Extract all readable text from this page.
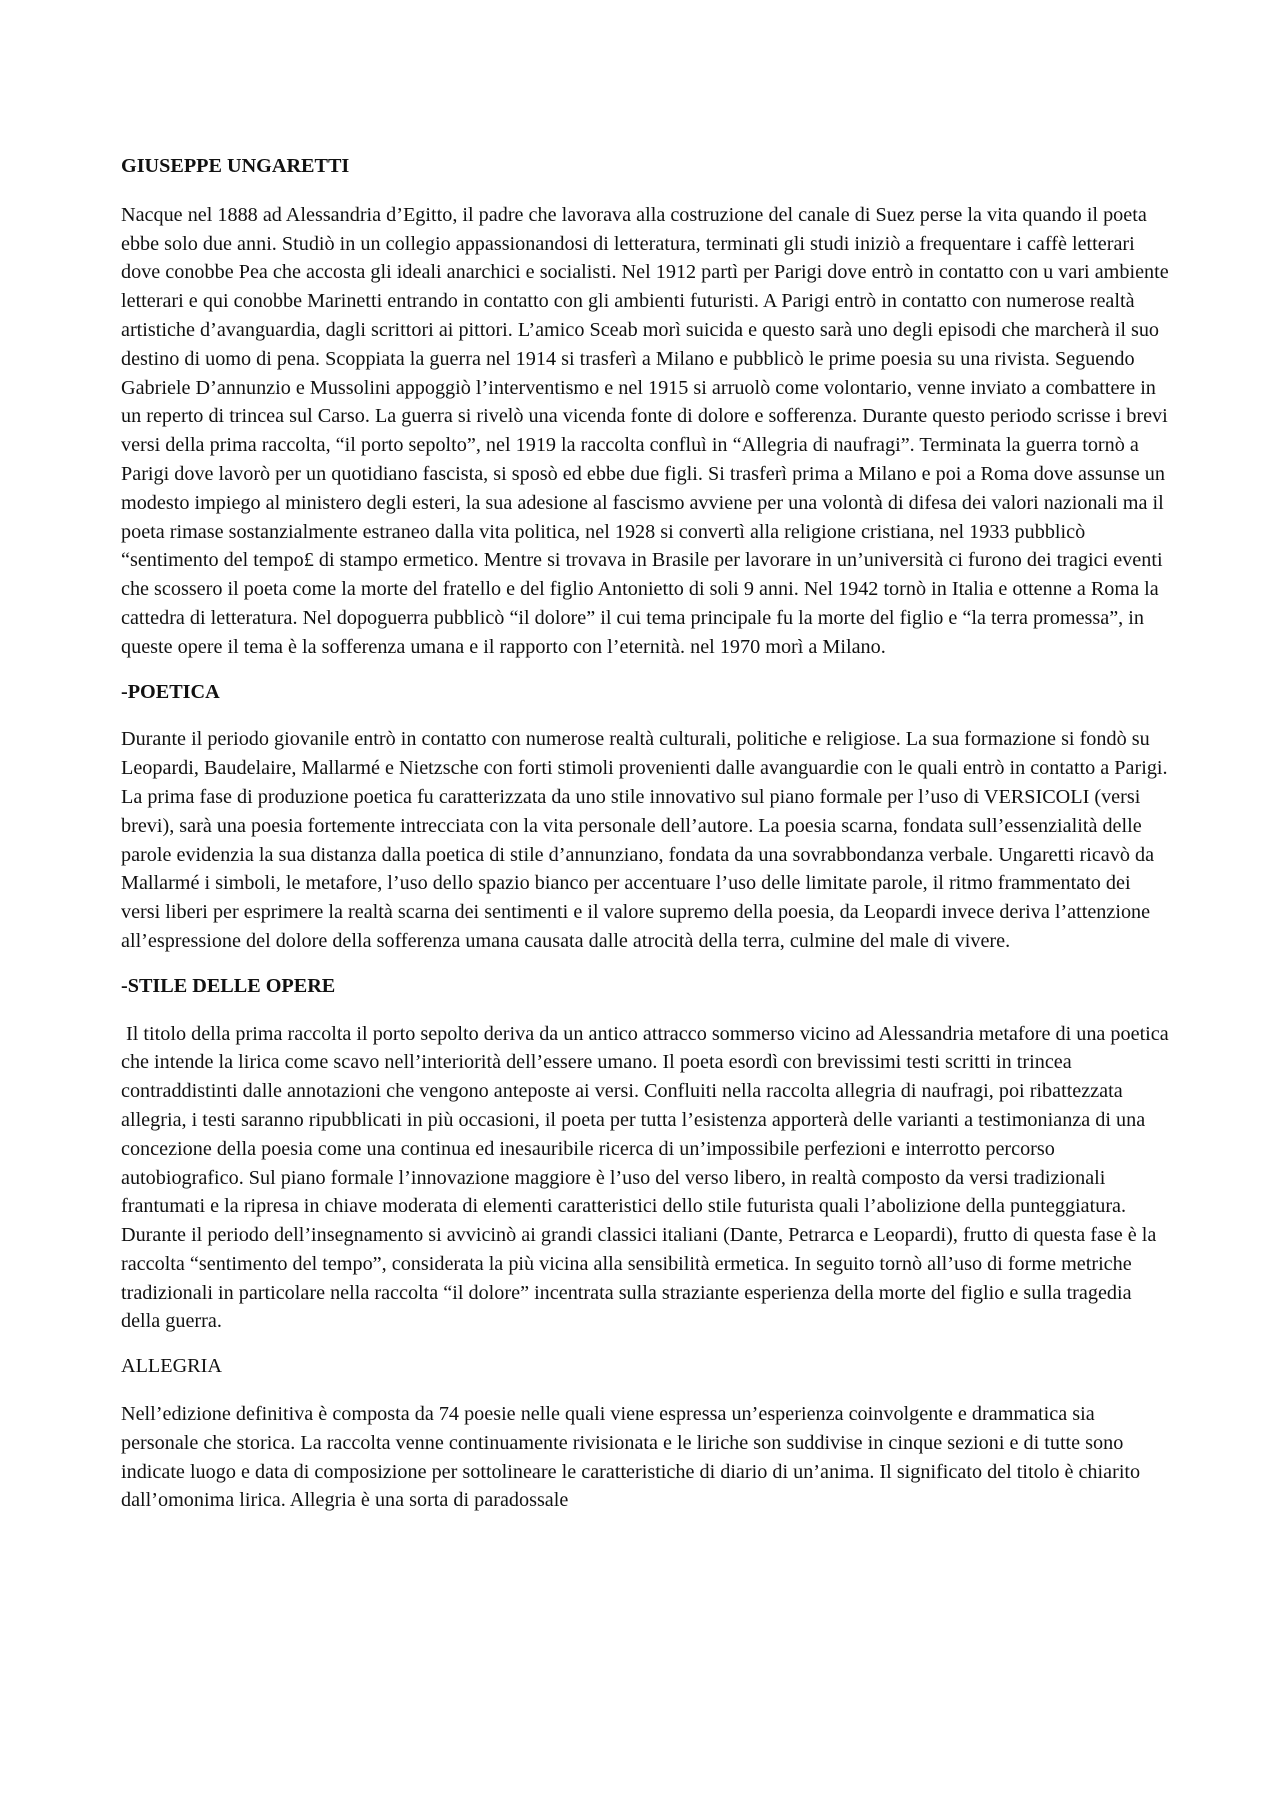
GIUSEPPE UNGARETTI

Nacque nel 1888 ad Alessandria d’Egitto, il padre che lavorava alla costruzione del canale di Suez perse la vita quando il poeta ebbe solo due anni. Studiò in un collegio appassionandosi di letteratura, terminati gli studi iniziò a frequentare i caffè letterari dove conobbe Pea che accosta gli ideali anarchici e socialisti. Nel 1912 partì per Parigi dove entrò in contatto con u vari ambiente letterari e qui conobbe Marinetti entrando in contatto con gli ambienti futuristi. A Parigi entrò in contatto con numerose realtà artistiche d’avanguardia, dagli scrittori ai pittori. L’amico Sceab morì suicida e questo sarà uno degli episodi che marcherà il suo destino di uomo di pena. Scoppiata la guerra nel 1914 si trasferì a Milano e pubblicò le prime poesia su una rivista. Seguendo Gabriele D’annunzio e Mussolini appoggiò l’interventismo e nel 1915 si arruolò come volontario, venne inviato a combattere in un reperto di trincea sul Carso. La guerra si rivelò una vicenda fonte di dolore e sofferenza. Durante questo periodo scrisse i brevi versi della prima raccolta, “il porto sepolto”, nel 1919 la raccolta confluì in “Allegria di naufragi”. Terminata la guerra tornò a Parigi dove lavorò per un quotidiano fascista, si sposò ed ebbe due figli. Si trasferì prima a Milano e poi a Roma dove assunse un modesto impiego al ministero degli esteri, la sua adesione al fascismo avviene per una volontà di difesa dei valori nazionali ma il poeta rimase sostanzialmente estraneo dalla vita politica, nel 1928 si convertì alla religione cristiana, nel 1933 pubblicò “sentimento del tempo£ di stampo ermetico. Mentre si trovava in Brasile per lavorare in un’università ci furono dei tragici eventi che scossero il poeta come la morte del fratello e del figlio Antonietto di soli 9 anni. Nel 1942 tornò in Italia e ottenne a Roma la cattedra di letteratura. Nel dopoguerra pubblicò “il dolore” il cui tema principale fu la morte del figlio e “la terra promessa”, in queste opere il tema è la sofferenza umana e il rapporto con l’eternità. nel 1970 morì a Milano.

-POETICA

Durante il periodo giovanile entrò in contatto con numerose realtà culturali, politiche e religiose. La sua formazione si fondò su Leopardi, Baudelaire, Mallarmé e Nietzsche con forti stimoli provenienti dalle avanguardie con le quali entrò in contatto a Parigi. La prima fase di produzione poetica fu caratterizzata da uno stile innovativo sul piano formale per l’uso di VERSICOLI (versi brevi), sarà una poesia fortemente intrecciata con la vita personale dell’autore. La poesia scarna, fondata sull’essenzialità delle parole evidenzia la sua distanza dalla poetica di stile d’annunziano, fondata da una sovrabbondanza verbale. Ungaretti ricavò da Mallarmé i simboli, le metafore, l’uso dello spazio bianco per accentuare l’uso delle limitate parole, il ritmo frammentato dei versi liberi per esprimere la realtà scarna dei sentimenti e il valore supremo della poesia, da Leopardi invece deriva l’attenzione all’espressione del dolore della sofferenza umana causata dalle atrocità della terra, culmine del male di vivere.

-STILE DELLE OPERE

Il titolo della prima raccolta il porto sepolto deriva da un antico attracco sommerso vicino ad Alessandria metafore di una poetica che intende la lirica come scavo nell’interiorità dell’essere umano. Il poeta esordì con brevissimi testi scritti in trincea contraddistinti dalle annotazioni che vengono anteposte ai versi. Confluiti nella raccolta allegria di naufragi, poi ribattezzata allegria, i testi saranno ripubblicati in più occasioni, il poeta per tutta l’esistenza apporterà delle varianti a testimonianza di una concezione della poesia come una continua ed inesauribile ricerca di un’impossibile perfezioni e interrotto percorso autobiografico. Sul piano formale l’innovazione maggiore è l’uso del verso libero, in realtà composto da versi tradizionali frantumati e la ripresa in chiave moderata di elementi caratteristici dello stile futurista quali l’abolizione della punteggiatura. Durante il periodo dell’insegnamento si avvicinò ai grandi classici italiani (Dante, Petrarca e Leopardi), frutto di questa fase è la raccolta “sentimento del tempo”, considerata la più vicina alla sensibilità ermetica. In seguito tornò all’uso di forme metriche tradizionali in particolare nella raccolta “il dolore” incentrata sulla straziante esperienza della morte del figlio e sulla tragedia della guerra.

ALLEGRIA

Nell’edizione definitiva è composta da 74 poesie nelle quali viene espressa un’esperienza coinvolgente e drammatica sia personale che storica. La raccolta venne continuamente rivisionata e le liriche son suddivise in cinque sezioni e di tutte sono indicate luogo e data di composizione per sottolineare le caratteristiche di diario di un’anima. Il significato del titolo è chiarito dall’omonima lirica. Allegria è una sorta di paradossale
